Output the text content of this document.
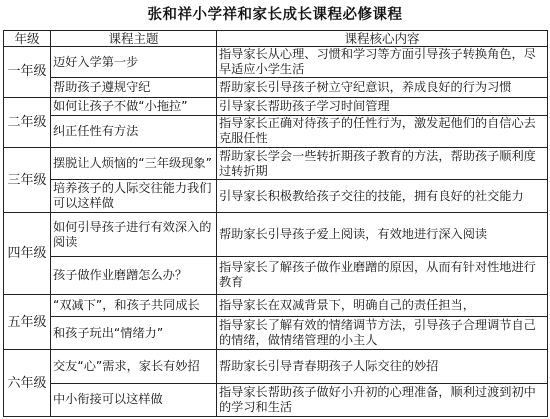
张和祥小学祥和家长成长课程必修课程
年级	课程主题	课程核心内容
一年级	迈好入学第一步	指导家长从心理、习惯和学习等方面引导孩子转换角色，尽早适应小学生活
	帮助孩子遵规守纪	帮助家长引导孩子树立守纪意识，养成良好的行为习惯
二年级	如何让孩子不做“小拖拉”	引导家长帮助孩子学习时间管理
	纠正任性有方法	指导家长正确对待孩子的任性行为，激发起他们的自信心去克服任性
三年级	摆脱让人烦恼的“三年级现象”	帮助家长学会一些转折期孩子教育的方法，帮助孩子顺利度过转折期
	培养孩子的人际交往能力我们可以这样做	引导家长积极教给孩子交往的技能，拥有良好的社交能力
四年级	如何引导孩子进行有效深入的阅读	帮助家长引导孩子爱上阅读，有效地进行深入阅读
	孩子做作业磨蹭怎么办？	指导家长了解孩子做作业磨蹭的原因，从而有针对性地进行教育
五年级	“双减下”，和孩子共同成长	指导家长在双减背景下，明确自己的责任担当，
	和孩子玩出“情绪力”	指导家长了解有效的情绪调节方法，引导孩子合理调节自己的情绪，做情绪管理的小主人
六年级	交友“心”需求，家长有妙招	帮助家长引导青春期孩子人际交往的妙招
	中小衔接可以这样做	指导家长帮助孩子做好小升初的心理准备，顺利过渡到初中的学习和生活
